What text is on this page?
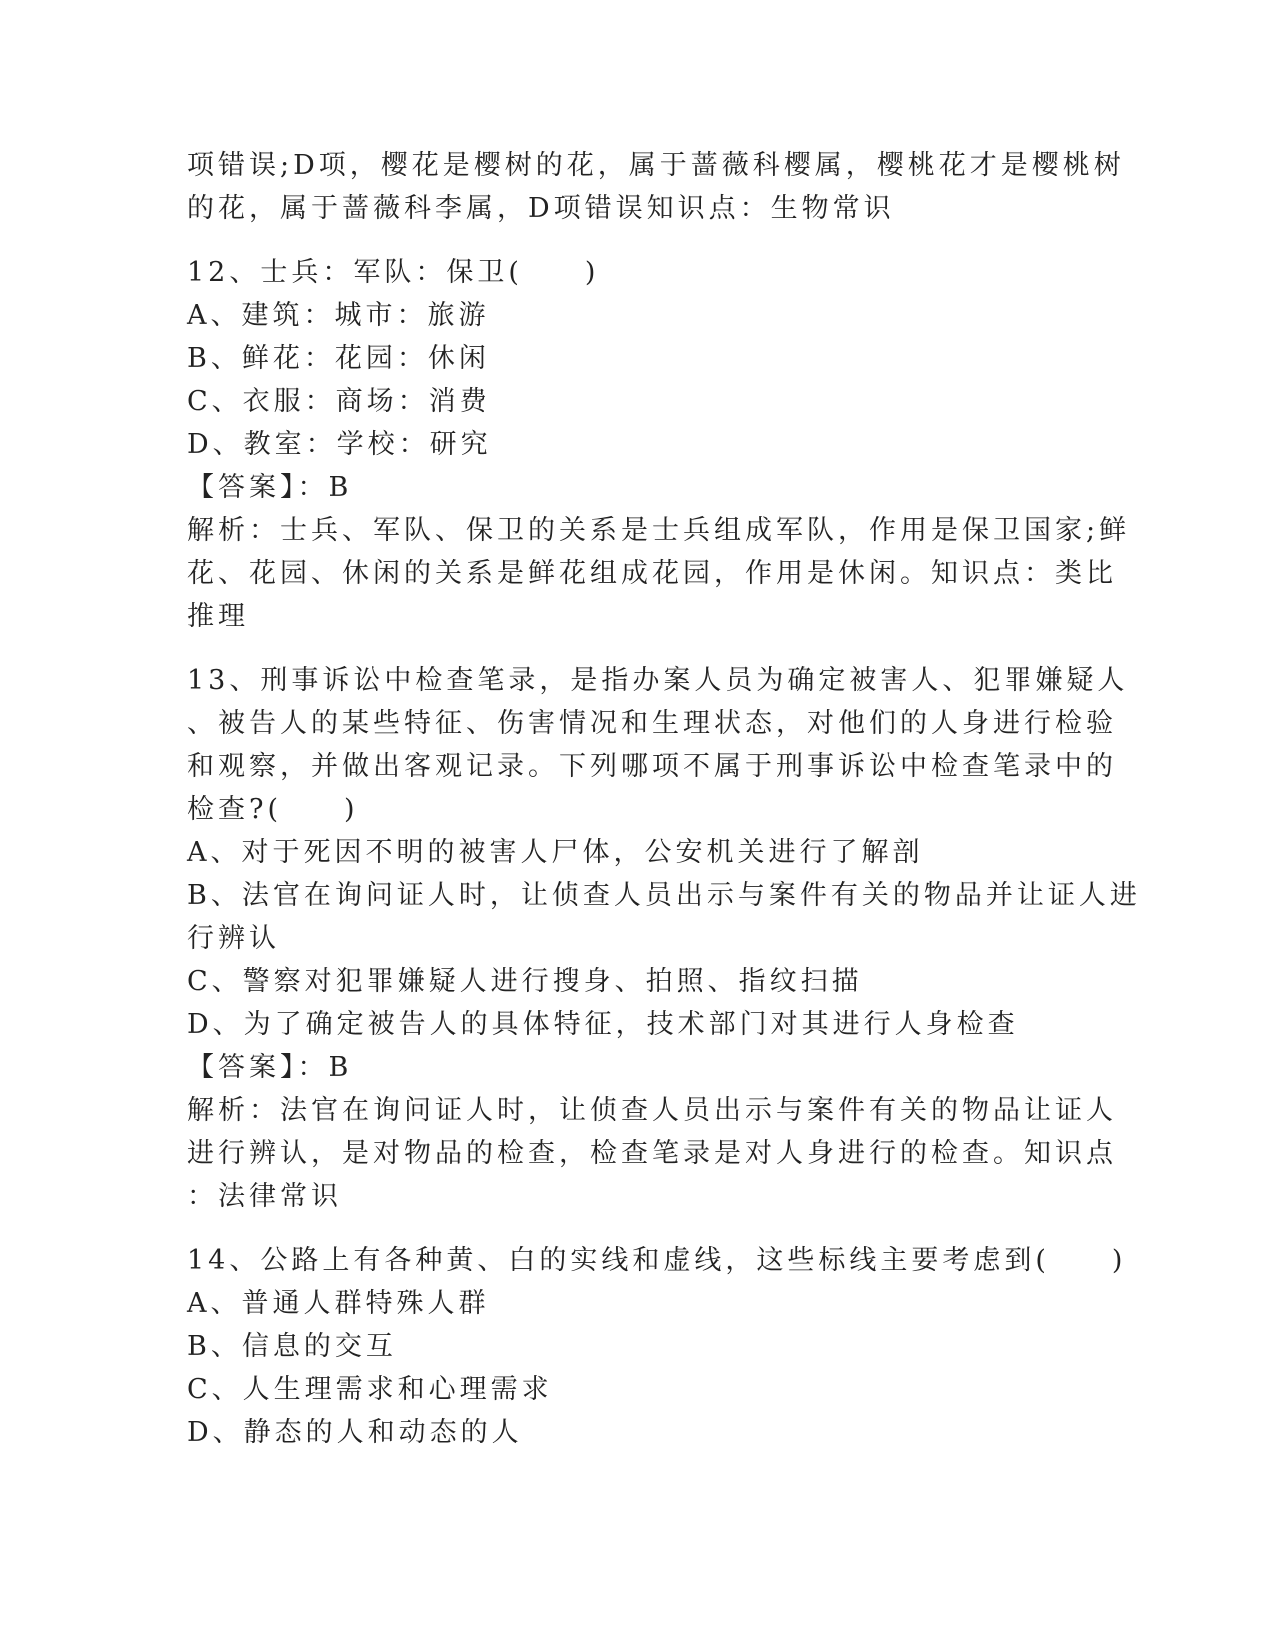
项错误;D项，樱花是樱树的花，属于蔷薇科樱属，樱桃花才是樱桃树
的花，属于蔷薇科李属，D项错误知识点：生物常识
12、士兵：军队：保卫(　　)
A、建筑：城市：旅游
B、鲜花：花园：休闲
C、衣服：商场：消费
D、教室：学校：研究
【答案】：B
解析：士兵、军队、保卫的关系是士兵组成军队，作用是保卫国家;鲜
花、花园、休闲的关系是鲜花组成花园，作用是休闲。知识点：类比
推理
13、刑事诉讼中检查笔录，是指办案人员为确定被害人、犯罪嫌疑人
、被告人的某些特征、伤害情况和生理状态，对他们的人身进行检验
和观察，并做出客观记录。下列哪项不属于刑事诉讼中检查笔录中的
检查?(　　)
A、对于死因不明的被害人尸体，公安机关进行了解剖
B、法官在询问证人时，让侦查人员出示与案件有关的物品并让证人进
行辨认
C、警察对犯罪嫌疑人进行搜身、拍照、指纹扫描
D、为了确定被告人的具体特征，技术部门对其进行人身检查
【答案】：B
解析：法官在询问证人时，让侦查人员出示与案件有关的物品让证人
进行辨认，是对物品的检查，检查笔录是对人身进行的检查。知识点
：法律常识
14、公路上有各种黄、白的实线和虚线，这些标线主要考虑到(　　)
A、普通人群特殊人群
B、信息的交互
C、人生理需求和心理需求
D、静态的人和动态的人
